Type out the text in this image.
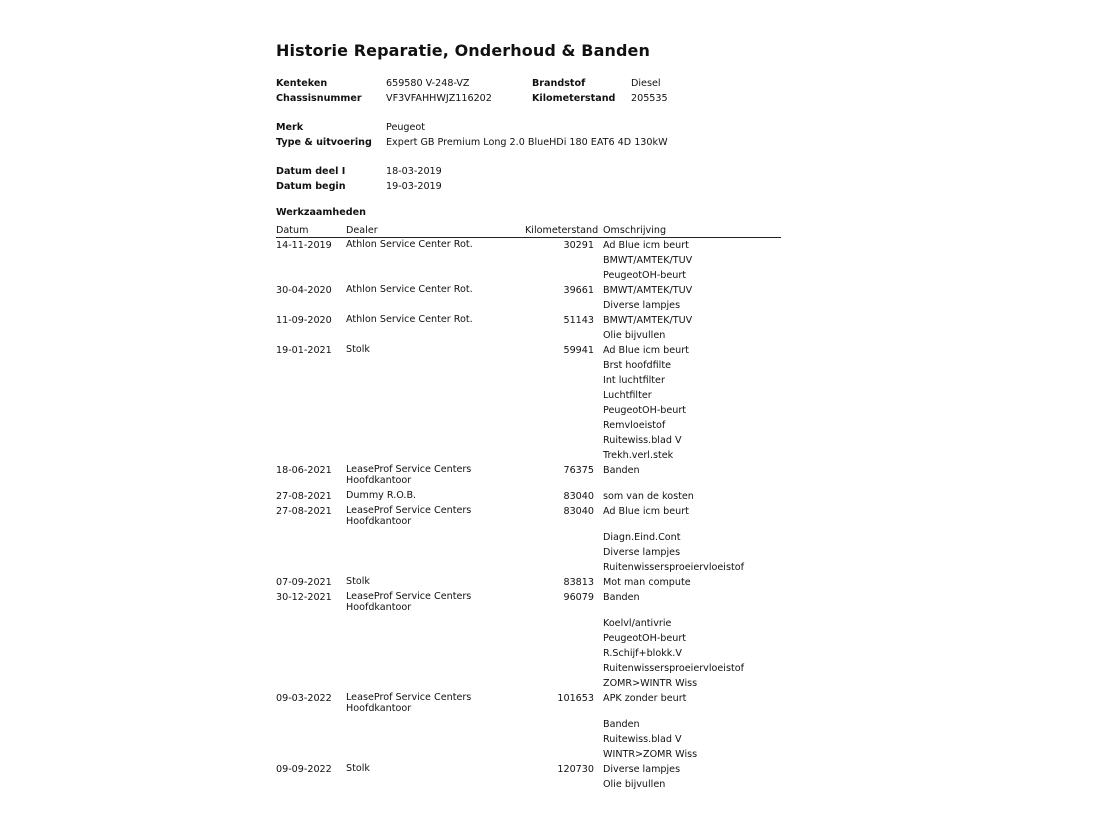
Historie Reparatie, Onderhoud & Banden
Kenteken	659580 V-248-VZ	Brandstof	Diesel
Chassisnummer	VF3VFAHHWJZ116202	Kilometerstand 205535
Merk	Peugeot
Type & uitvoering Expert GB Premium Long 2.0 BlueHDi 180 EAT6 4D 130kW
Datum deel I	18-03-2019
Datum begin	19-03-2019
Werkzaamheden
Datum	Dealer	Kilometerstand Omschrijving
14-11-2019 Athlon Service Center Rot.	30291 Ad Blue icm beurt
BMWT/AMTEK/TUV
PeugeotOH-beurt
30-04-2020 Athlon Service Center Rot.	39661 BMWT/AMTEK/TUV
Diverse lampjes
11-09-2020 Athlon Service Center Rot.	51143 BMWT/AMTEK/TUV
Olie bijvullen
19-01-2021 Stolk	59941 Ad Blue icm beurt
Brst hoofdfilte
Int luchtfilter
Luchtfilter
PeugeotOH-beurt
Remvloeistof
Ruitewiss.blad V
Trekh.verl.stek
18-06-2021 LeaseProf Service Centers Hoofdkantoor
76375 Banden
27-08-2021 Dummy R.O.B.	83040 som van de kosten
27-08-2021 LeaseProf Service Centers Hoofdkantoor
83040 Ad Blue icm beurt
Diagn.Eind.Cont
Diverse lampjes
Ruitenwissersproeiervloeistof
07-09-2021 Stolk	83813 Mot man compute
30-12-2021 LeaseProf Service Centers Hoofdkantoor
96079 Banden
Koelvl/antivrie
PeugeotOH-beurt
R.Schijf+blokk.V
Ruitenwissersproeiervloeistof
ZOMR>WINTR Wiss
09-03-2022 LeaseProf Service Centers Hoofdkantoor
101653 APK zonder beurt
Banden
Ruitewiss.blad V
WINTR>ZOMR Wiss
09-09-2022 Stolk	120730 Diverse lampjes
Olie bijvullen
